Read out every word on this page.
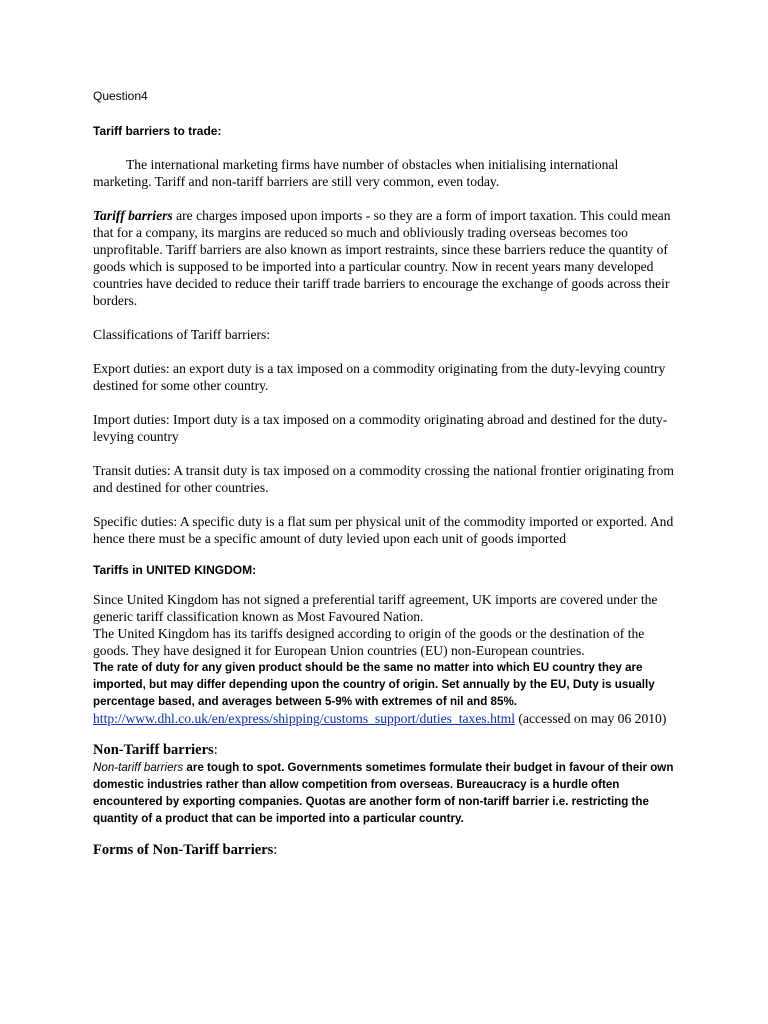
Question4

Tariff barriers to trade:

The international marketing firms have number of obstacles when initialising international marketing. Tariff and non-tariff barriers are still very common, even today.

Tariff barriers are charges imposed upon imports - so they are a form of import taxation. This could mean that for a company, its margins are reduced so much and obliviously trading overseas becomes too unprofitable. Tariff barriers are also known as import restraints, since these barriers reduce the quantity of goods which is supposed to be imported into a particular country. Now in recent years many developed countries have decided to reduce their tariff trade barriers to encourage the exchange of goods across their borders.

Classifications of Tariff barriers:

Export duties: an export duty is a tax imposed on a commodity originating from the duty-levying country destined for some other country.

Import duties: Import duty is a tax imposed on a commodity originating abroad and destined for the duty-levying country

Transit duties: A transit duty is tax imposed on a commodity crossing the national frontier originating from and destined for other countries.

Specific duties: A specific duty is a flat sum per physical unit of the commodity imported or exported. And hence there must be a specific amount of duty levied upon each unit of goods imported

Tariffs in UNITED KINGDOM:

Since United Kingdom has not signed a preferential tariff agreement, UK imports are covered under the generic tariff classification known as Most Favoured Nation.

The United Kingdom has its tariffs designed according to origin of the goods or the destination of the goods. They have designed it for European Union countries (EU) non-European countries.

The rate of duty for any given product should be the same no matter into which EU country they are imported, but may differ depending upon the country of origin. Set annually by the EU, Duty is usually percentage based, and averages between 5-9% with extremes of nil and 85%.

http://www.dhl.co.uk/en/express/shipping/customs_support/duties_taxes.html (accessed on may 06 2010)

Non-Tariff barriers:

Non-tariff barriers are tough to spot. Governments sometimes formulate their budget in favour of their own domestic industries rather than allow competition from overseas. Bureaucracy is a hurdle often encountered by exporting companies. Quotas are another form of non-tariff barrier i.e. restricting the quantity of a product that can be imported into a particular country.

Forms of Non-Tariff barriers:
